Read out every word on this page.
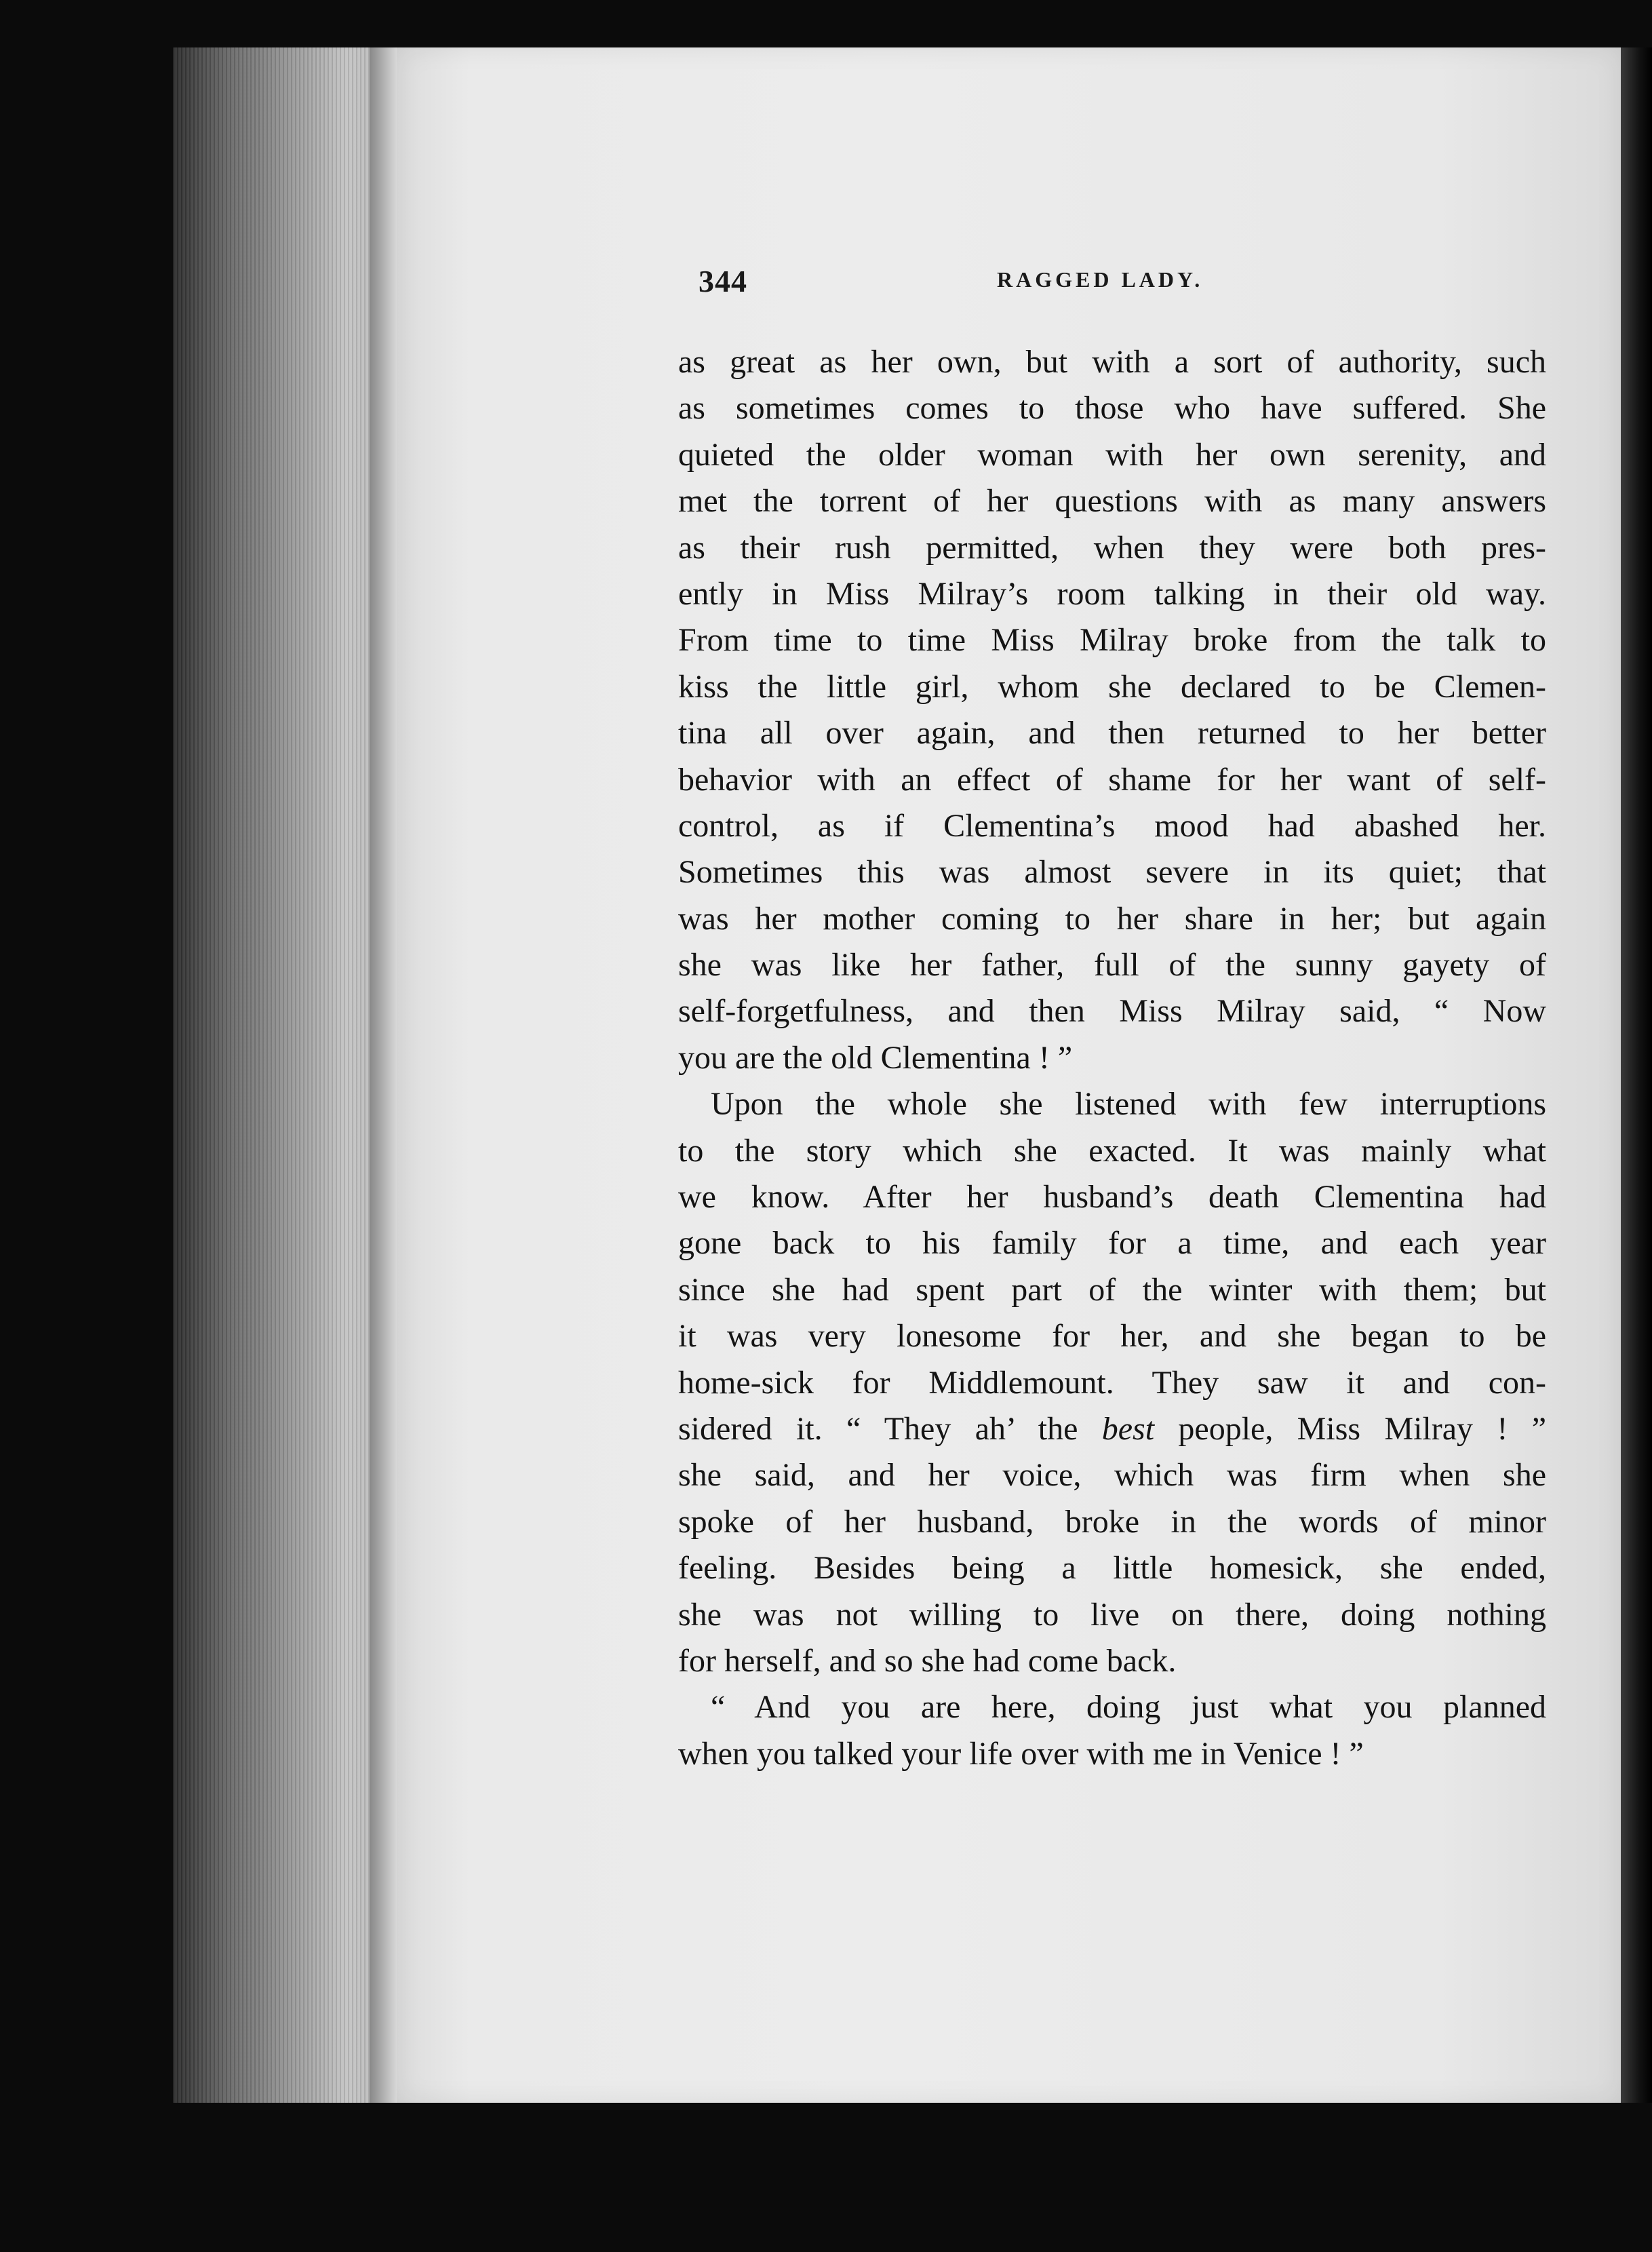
344	RAGGED LADY.
as great as her own, but with a sort of authority, such
as sometimes comes to those who have suffered. She
quieted the older woman with her own serenity, and
met the torrent of her questions with as many answers
as their rush permitted, when they were both pres-
ently in Miss Milray’s room talking in their old way.
From time to time Miss Milray broke from the talk to
kiss the little girl, whom she declared to be Clemen-
tina all over again, and then returned to her better
behavior with an effect of shame for her want of self-
control, as if Clementina’s mood had abashed her.
Sometimes this was almost severe in its quiet; that
was her mother coming to her share in her; but again
she was like her father, full of the sunny gayety of
self-forgetfulness, and then Miss Milray said, “ Now
you are the old Clementina ! ”
Upon the whole she listened with few interruptions
to the story which she exacted. It was mainly what
we know. After her husband’s death Clementina had
gone back to his family for a time, and each year
since she had spent part of the winter with them; but
it was very lonesome for her, and she began to be
home-sick for Middlemount. They saw it and con-
sidered it. “ They ah’ the best people, Miss Milray ! ”
she said, and her voice, which was firm when she
spoke of her husband, broke in the words of minor
feeling. Besides being a little homesick, she ended,
she was not willing to live on there, doing nothing
for herself, and so she had come back.
“ And you are here, doing just what you planned
when you talked your life over with me in Venice ! ”
